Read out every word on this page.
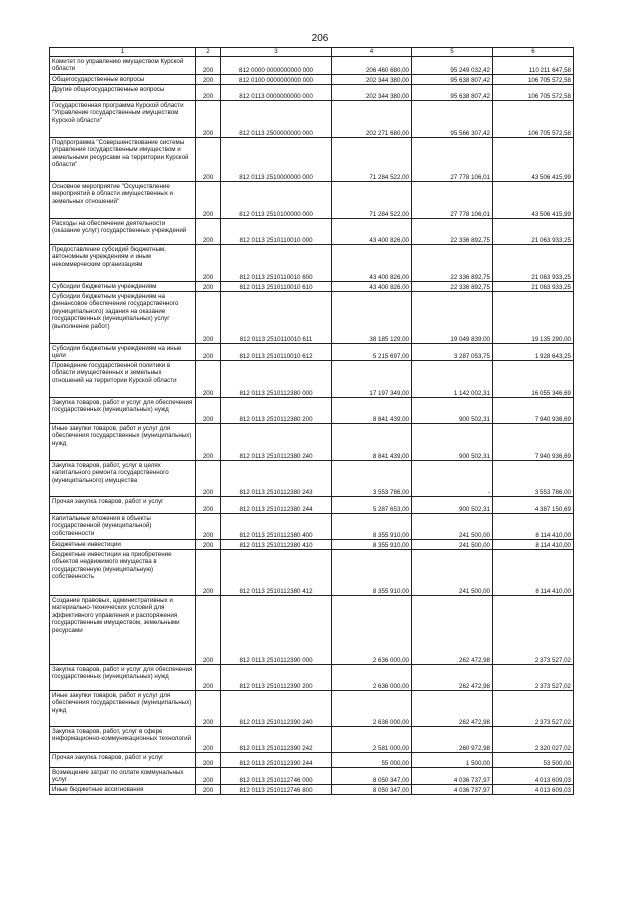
206
1	2	3	4	5	6
Комитет по управлению имуществом Курской области	200	812 0000 0000000000 000	206 460 680,00	95 249 032,42	110 211 647,58
Общегосударственные вопросы	200	812 0100 0000000000 000	202 344 380,00	95 638 807,42	106 705 572,58
Другие общегосударственные вопросы	200	812 0113 0000000000 000	202 344 380,00	95 638 807,42	106 705 572,58
Государственная программа Курской области "Управление государственным имуществом Курской области"	200	812 0113 2500000000 000	202 271 680,00	95 566 307,42	106 705 572,58
Подпрограмма "Совершенствование системы управления государственным имуществом и земельными ресурсами на территории Курской области"	200	812 0113 2510000000 000	71 284 522,00	27 778 106,01	43 506 415,99
Основное мероприятие "Осуществление мероприятий в области имущественных и земельных отношений"	200	812 0113 2510100000 000	71 284 522,00	27 778 106,01	43 506 415,99
Расходы на обеспечение деятельности (оказание услуг) государственных учреждений	200	812 0113 2510110010 000	43 400 826,00	22 336 892,75	21 063 933,25
Предоставление субсидий бюджетным, автономным учреждениям и иным некоммерческим организациям	200	812 0113 2510110010 600	43 400 826,00	22 336 892,75	21 063 933,25
Субсидии бюджетным учреждениям	200	812 0113 2510110010 610	43 400 826,00	22 336 892,75	21 063 933,25
Субсидии бюджетным учреждениям на финансовое обеспечение государственного (муниципального) задания на оказание государственных (муниципальных) услуг (выполнение работ)	200	812 0113 2510110010 611	38 185 129,00	19 049 839,00	19 135 290,00
Субсидии бюджетным учреждениям на иные цели	200	812 0113 2510110010 612	5 215 697,00	3 287 053,75	1 928 643,25
Проведение государственной политики в области имущественных и земельных отношений на территории Курской области	200	812 0113 2510112380 000	17 197 349,00	1 142 002,31	16 055 346,69
Закупка товаров, работ и услуг для обеспечения государственных (муниципальных) нужд	200	812 0113 2510112380 200	8 841 439,00	900 502,31	7 940 936,69
Иные закупки товаров, работ и услуг для обеспечения государственных (муниципальных) нужд	200	812 0113 2510112380 240	8 841 439,00	900 502,31	7 940 936,69
Закупка товаров, работ, услуг в целях капитального ремонта государственного (муниципального) имущества	200	812 0113 2510112380 243	3 553 786,00	-	3 553 786,00
Прочая закупка товаров, работ и услуг	200	812 0113 2510112380 244	5 287 653,00	900 502,31	4 387 150,69
Капитальные вложения в объекты государственной (муниципальной) собственности	200	812 0113 2510112380 400	8 355 910,00	241 500,00	8 114 410,00
Бюджетные инвестиции	200	812 0113 2510112380 410	8 355 910,00	241 500,00	8 114 410,00
Бюджетные инвестиции на приобретение объектов недвижимого имущества в государственную (муниципальную) собственность	200	812 0113 2510112380 412	8 355 910,00	241 500,00	8 114 410,00
Создание правовых, административных и материально-технических условий для эффективного управления и распоряжения государственным имуществом, земельными ресурсами	200	812 0113 2510112390 000	2 636 000,00	262 472,98	2 373 527,02
Закупка товаров, работ и услуг для обеспечения государственных (муниципальных) нужд	200	812 0113 2510112390 200	2 636 000,00	262 472,98	2 373 527,02
Иные закупки товаров, работ и услуг для обеспечения государственных (муниципальных) нужд	200	812 0113 2510112390 240	2 636 000,00	262 472,98	2 373 527,02
Закупка товаров, работ, услуг в сфере информационно-коммуникационных технологий	200	812 0113 2510112390 242	2 581 000,00	260 972,98	2 320 027,02
Прочая закупка товаров, работ и услуг	200	812 0113 2510112390 244	55 000,00	1 500,00	53 500,00
Возмещение затрат по оплате коммунальных услуг	200	812 0113 2510112746 000	8 050 347,00	4 036 737,97	4 013 609,03
Иные бюджетные ассигнования	200	812 0113 2510112746 800	8 050 347,00	4 036 737,97	4 013 609,03
